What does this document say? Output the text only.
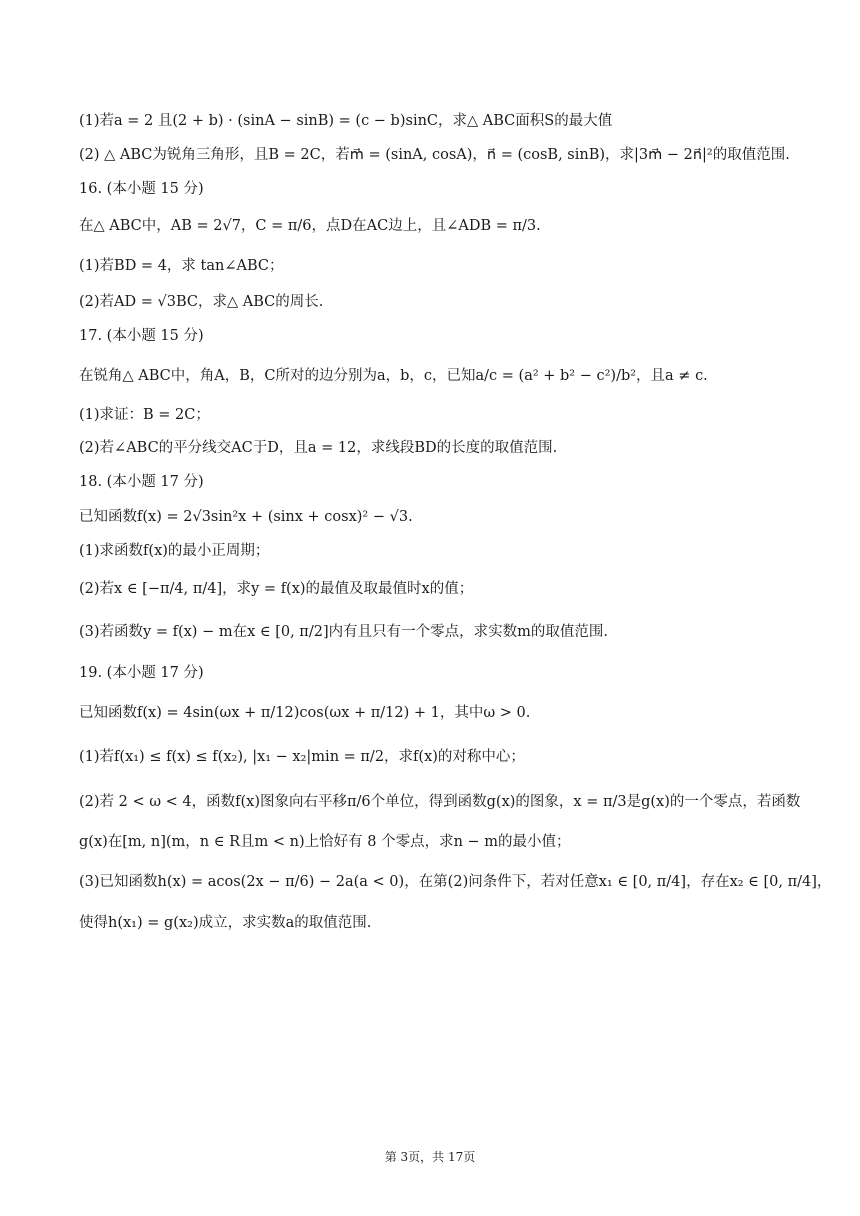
(1)若a = 2 且(2 + b) · (sinA − sinB) = (c − b)sinC，求△ ABC面积S的最大值
(2) △ ABC为锐角三角形，且B = 2C，若m⃗ = (sinA, cosA)，n⃗ = (cosB, sinB)，求|3m⃗ − 2n⃗|²的取值范围.
16. (本小题 15 分)
在△ ABC中，AB = 2√7，C = π/6，点D在AC边上，且∠ADB = π/3.
(1)若BD = 4，求 tan∠ABC；
(2)若AD = √3BC，求△ ABC的周长.
17. (本小题 15 分)
在锐角△ ABC中，角A，B，C所对的边分别为a，b，c，已知a/c = (a² + b² − c²)/b²，且a ≠ c.
(1)求证：B = 2C；
(2)若∠ABC的平分线交AC于D，且a = 12，求线段BD的长度的取值范围.
18. (本小题 17 分)
已知函数f(x) = 2√3sin²x + (sinx + cosx)² − √3.
(1)求函数f(x)的最小正周期；
(2)若x ∈ [−π/4, π/4]，求y = f(x)的最值及取最值时x的值；
(3)若函数y = f(x) − m在x ∈ [0, π/2]内有且只有一个零点，求实数m的取值范围.
19. (本小题 17 分)
已知函数f(x) = 4sin(ωx + π/12)cos(ωx + π/12) + 1，其中ω > 0.
(1)若f(x₁) ≤ f(x) ≤ f(x₂), |x₁ − x₂|min = π/2，求f(x)的对称中心；
(2)若 2 < ω < 4，函数f(x)图象向右平移π/6个单位，得到函数g(x)的图象，x = π/3是g(x)的一个零点，若函数
g(x)在[m, n](m，n ∈ R且m < n)上恰好有 8 个零点，求n − m的最小值；
(3)已知函数h(x) = acos(2x − π/6) − 2a(a < 0)，在第(2)问条件下，若对任意x₁ ∈ [0, π/4]，存在x₂ ∈ [0, π/4]，
使得h(x₁) = g(x₂)成立，求实数a的取值范围.
第 3页，共 17页
